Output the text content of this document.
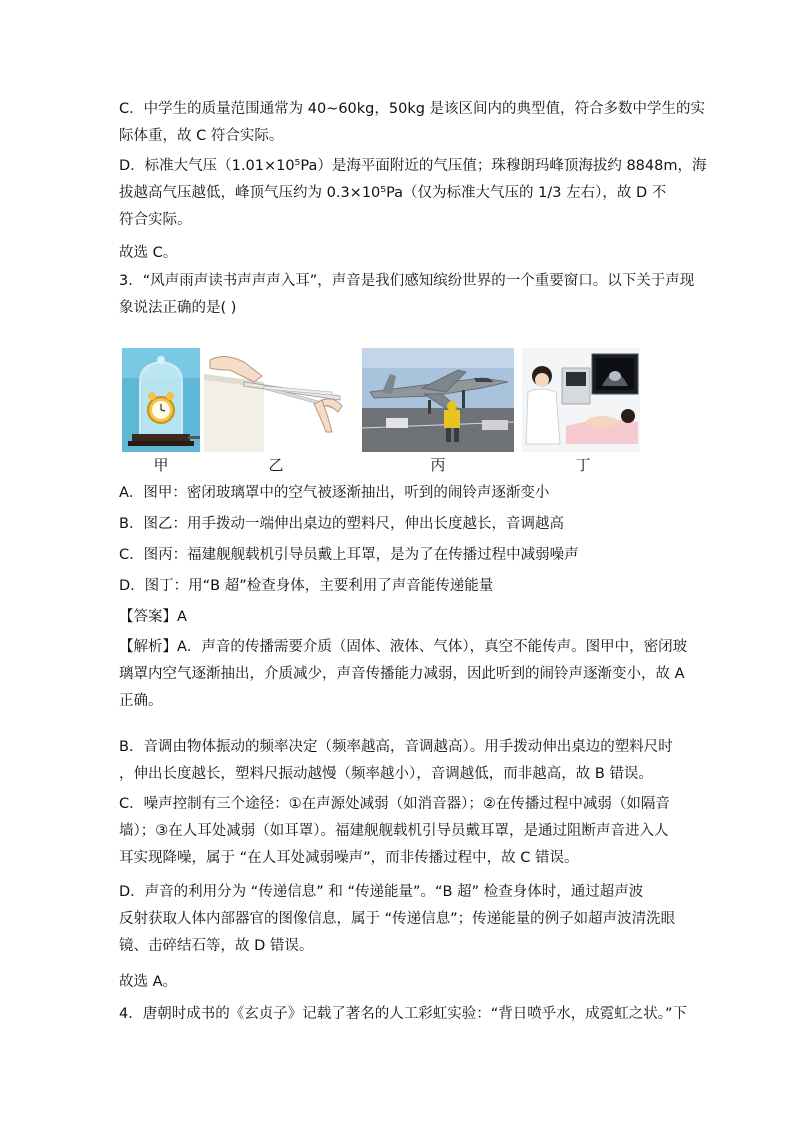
C．中学生的质量范围通常为 40~60kg，50kg 是该区间内的典型值，符合多数中学生的实
际体重，故 C 符合实际。

D．标准大气压（1.01×10⁵Pa）是海平面附近的气压值；珠穆朗玛峰顶海拔约 8848m，海
拔越高气压越低，峰顶气压约为 0.3×10⁵Pa（仅为标准大气压的 1/3 左右），故 D 不
符合实际。

故选 C。

3．“风声雨声读书声声声入耳”，声音是我们感知缤纷世界的一个重要窗口。以下关于声现
象说法正确的是( )

甲	乙	丙	丁
A．图甲：密闭玻璃罩中的空气被逐渐抽出，听到的闹铃声逐渐变小
B．图乙：用手拨动一端伸出桌边的塑料尺，伸出长度越长，音调越高
C．图丙：福建舰舰载机引导员戴上耳罩，是为了在传播过程中减弱噪声
D．图丁：用“B 超”检查身体，主要利用了声音能传递能量
【答案】A

【解析】A．声音的传播需要介质（固体、液体、气体），真空不能传声。图甲中，密闭玻
璃罩内空气逐渐抽出，介质减少，声音传播能力减弱，因此听到的闹铃声逐渐变小，故 A
正确。

B．音调由物体振动的频率决定（频率越高，音调越高）。用手拨动伸出桌边的塑料尺时
，伸出长度越长，塑料尺振动越慢（频率越小），音调越低，而非越高，故 B 错误。

C．噪声控制有三个途径：①在声源处减弱（如消音器）；②在传播过程中减弱（如隔音
墙）；③在人耳处减弱（如耳罩）。福建舰舰载机引导员戴耳罩，是通过阻断声音进入人
耳实现降噪，属于 “在人耳处减弱噪声”，而非传播过程中，故 C 错误。

D．声音的利用分为 “传递信息” 和 “传递能量”。“B 超” 检查身体时，通过超声波
反射获取人体内部器官的图像信息，属于 “传递信息”；传递能量的例子如超声波清洗眼
镜、击碎结石等，故 D 错误。

故选 A。

4．唐朝时成书的《玄贞子》记载了著名的人工彩虹实验：“背日喷乎水，成霓虹之状。”下
